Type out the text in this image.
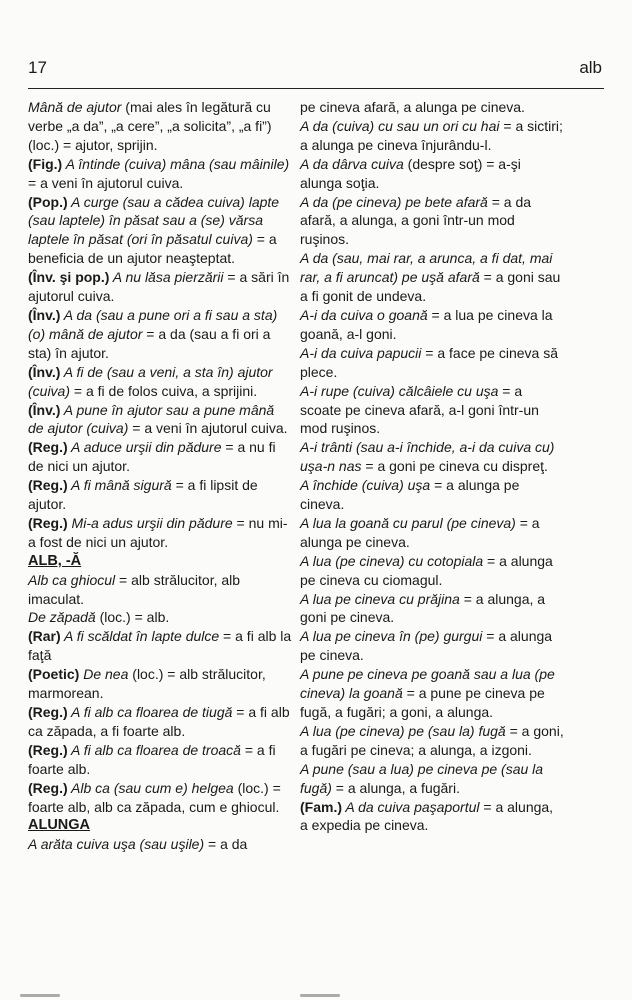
17	alb

Mână de ajutor (mai ales în legătură cu verbe „a da”, „a cere”, „a solicita”, „a fi”) (loc.) = ajutor, sprijin.

(Fig.) A întinde (cuiva) mâna (sau mâinile) = a veni în ajutorul cuiva.

(Pop.) A curge (sau a cădea cuiva) lapte (sau laptele) în păsat sau a (se) vărsa laptele în păsat (ori în păsatul cuiva) = a beneficia de un ajutor neaşteptat.

(Înv. şi pop.) A nu lăsa pierzării = a sări în ajutorul cuiva.

(Înv.) A da (sau a pune ori a fi sau a sta) (o) mână de ajutor = a da (sau a fi ori a sta) în ajutor.

(Înv.) A fi de (sau a veni, a sta în) ajutor (cuiva) = a fi de folos cuiva, a sprijini.

(Înv.) A pune în ajutor sau a pune mână de ajutor (cuiva) = a veni în ajutorul cuiva.

(Reg.) A aduce urşii din pădure = a nu fi de nici un ajutor.

(Reg.) A fi mână sigură = a fi lipsit de ajutor.

(Reg.) Mi-a adus urşii din pădure = nu mi-a fost de nici un ajutor.

ALB, -Ă

Alb ca ghiocul = alb strălucitor, alb imaculat.

De zăpadă (loc.) = alb.

(Rar) A fi scăldat în lapte dulce = a fi alb la faţă

(Poetic) De nea (loc.) = alb strălucitor, marmorean.

(Reg.) A fi alb ca floarea de tiugă = a fi alb ca zăpada, a fi foarte alb.

(Reg.) A fi alb ca floarea de troacă = a fi foarte alb.

(Reg.) Alb ca (sau cum e) helgea (loc.) = foarte alb, alb ca zăpada, cum e ghiocul.

ALUNGA

A arăta cuiva uşa (sau uşile) = a da

pe cineva afară, a alunga pe cineva.

A da (cuiva) cu sau un ori cu hai = a sictiri; a alunga pe cineva înjurându-l.

A da dârva cuiva (despre soţ) = a-şi alunga soţia.

A da (pe cineva) pe bete afară = a da afară, a alunga, a goni într-un mod ruşinos.

A da (sau, mai rar, a arunca, a fi dat, mai rar, a fi aruncat) pe uşă afară = a goni sau a fi gonit de undeva.

A-i da cuiva o goană = a lua pe cineva la goană, a-l goni.

A-i da cuiva papucii = a face pe cineva să plece.

A-i rupe (cuiva) călcâiele cu uşa = a scoate pe cineva afară, a-l goni într-un mod ruşinos.

A-i trânti (sau a-i închide, a-i da cuiva cu) uşa-n nas = a goni pe cineva cu dispreţ.

A închide (cuiva) uşa = a alunga pe cineva.

A lua la goană cu parul (pe cineva) = a alunga pe cineva.

A lua (pe cineva) cu cotopiala = a alunga pe cineva cu ciomagul.

A lua pe cineva cu prăjina = a alunga, a goni pe cineva.

A lua pe cineva în (pe) gurgui = a alunga pe cineva.

A pune pe cineva pe goană sau a lua (pe cineva) la goană = a pune pe cineva pe fugă, a fugări; a goni, a alunga.

A lua (pe cineva) pe (sau la) fugă = a goni, a fugări pe cineva; a alunga, a izgoni.

A pune (sau a lua) pe cineva pe (sau la fugă) = a alunga, a fugări.

(Fam.) A da cuiva paşaportul = a alunga, a expedia pe cineva.
